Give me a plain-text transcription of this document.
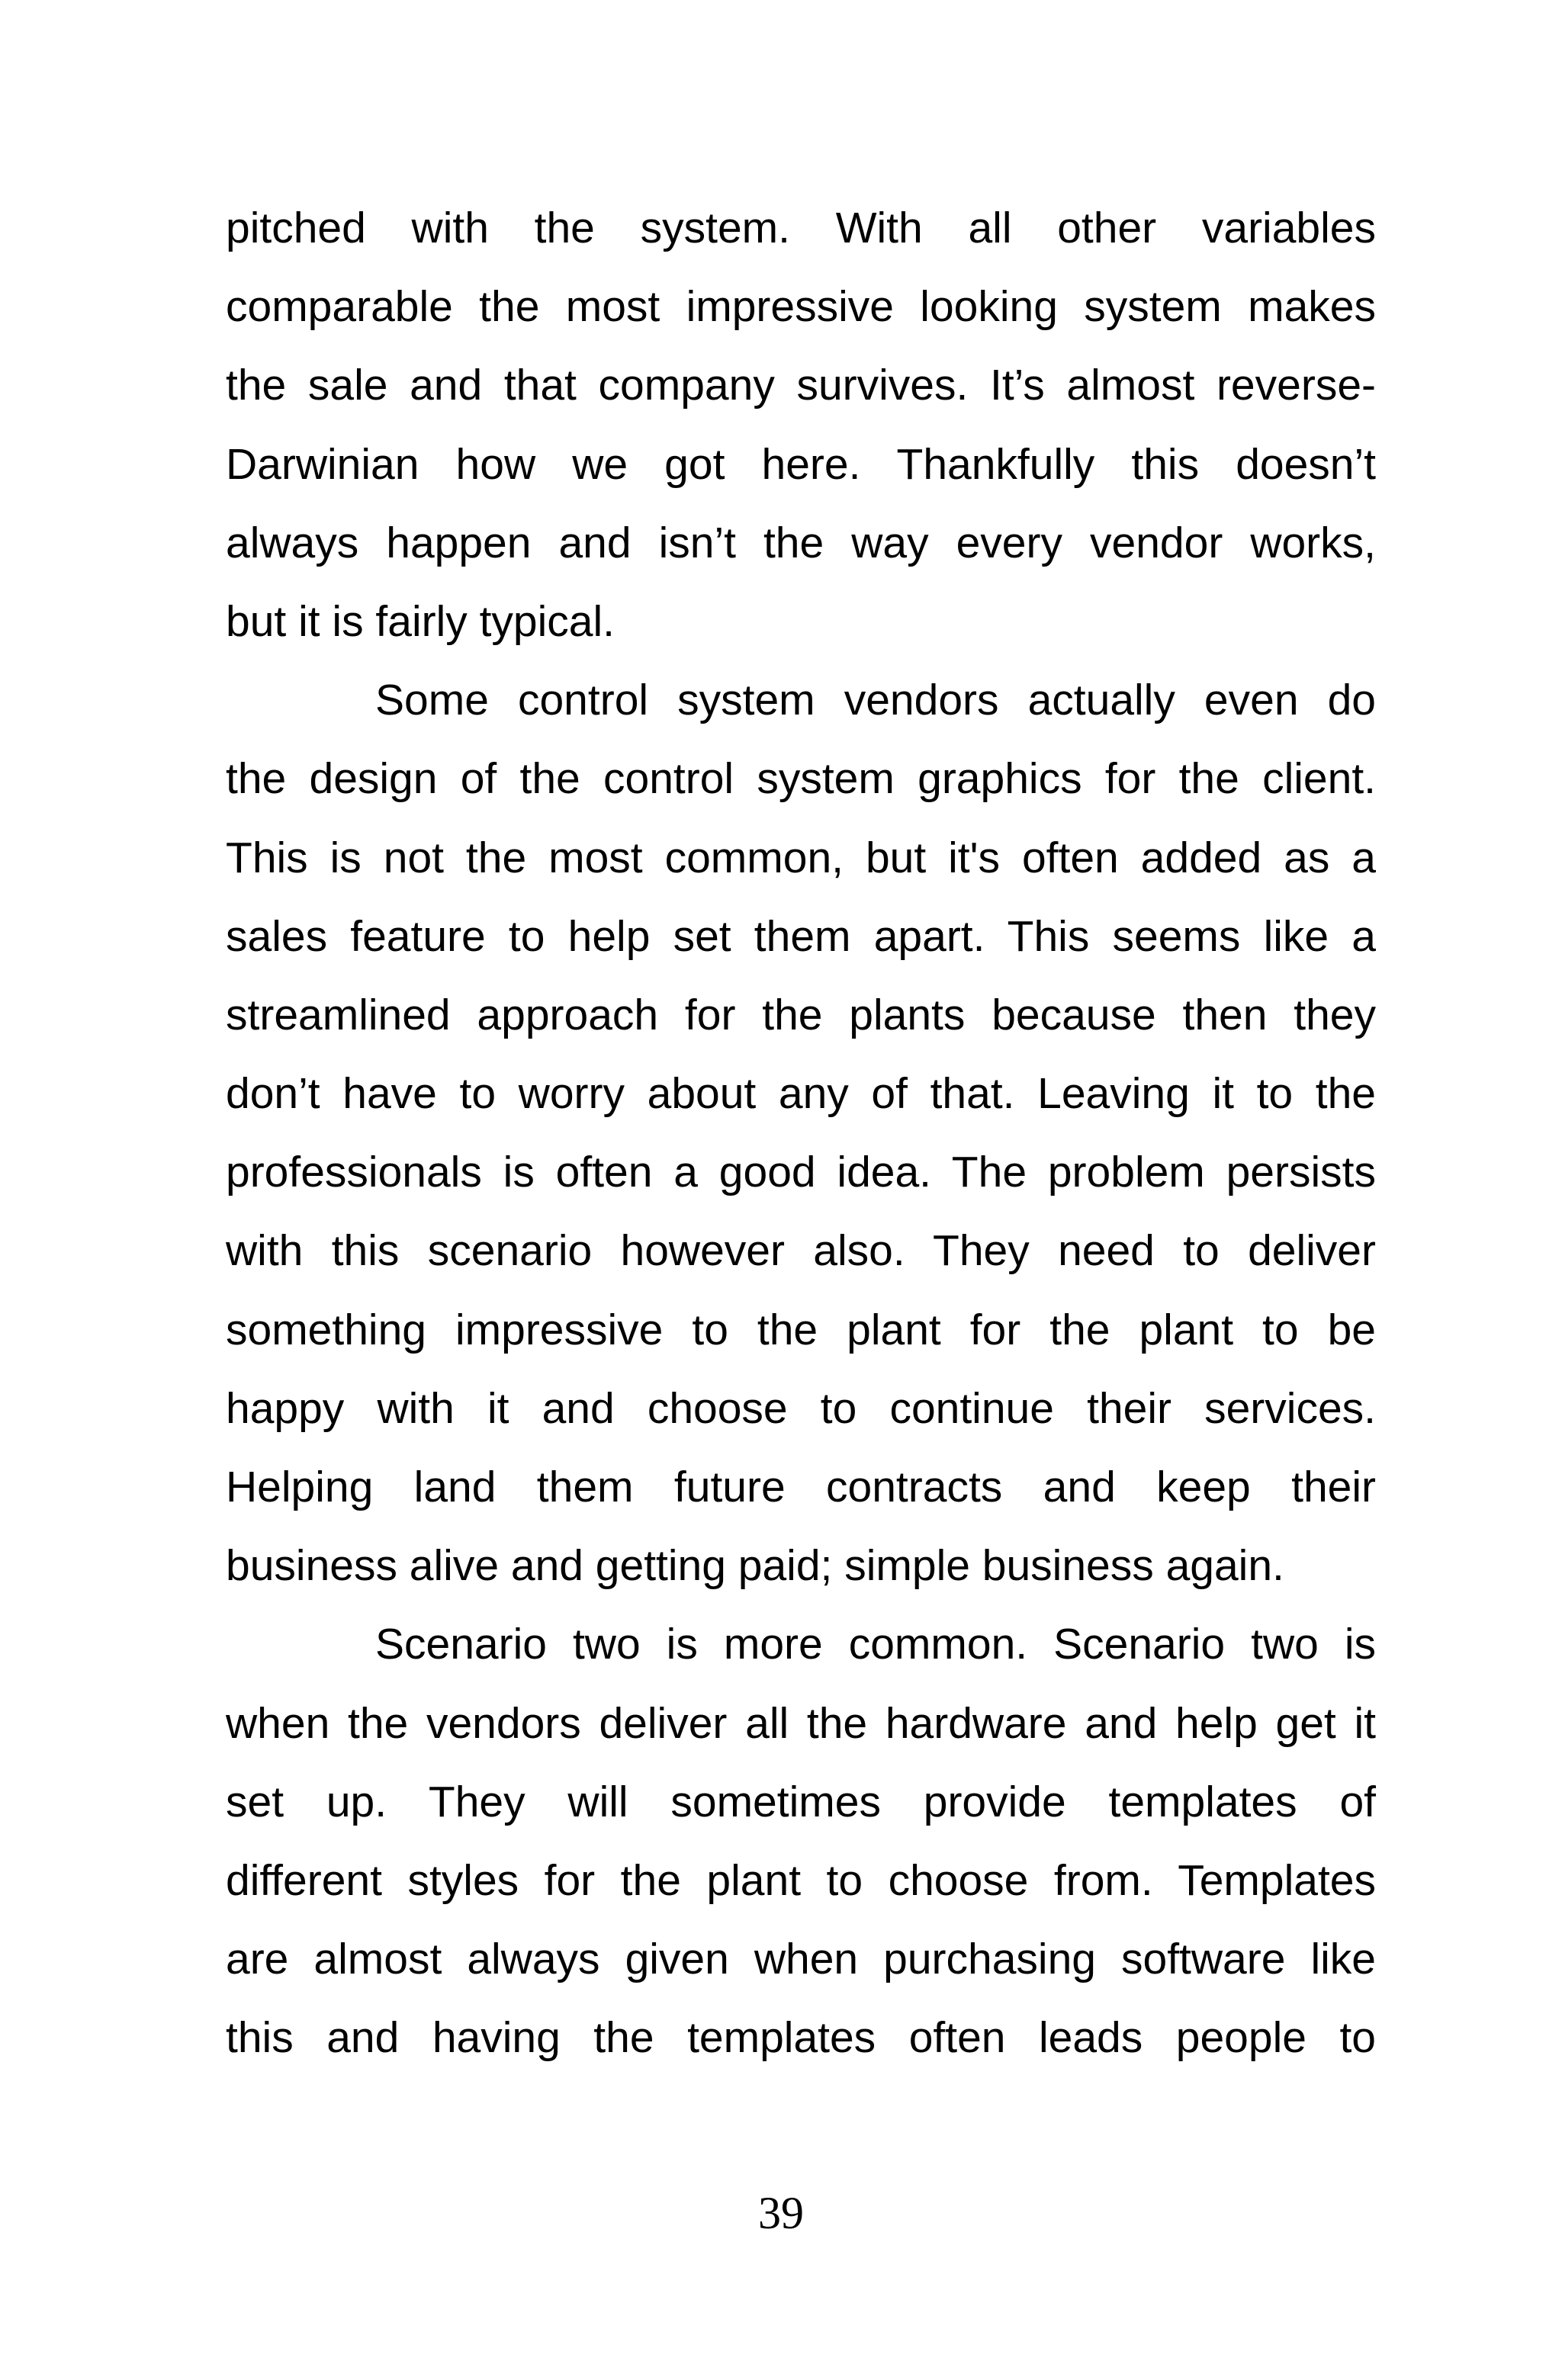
pitched with the system. With all other variables
comparable the most impressive looking system makes
the sale and that company survives. It’s almost reverse-
Darwinian how we got here. Thankfully this doesn’t
always happen and isn’t the way every vendor works,
but it is fairly typical.
Some control system vendors actually even do
the design of the control system graphics for the client.
This is not the most common, but it's often added as a
sales feature to help set them apart. This seems like a
streamlined approach for the plants because then they
don’t have to worry about any of that. Leaving it to the
professionals is often a good idea. The problem persists
with this scenario however also. They need to deliver
something impressive to the plant for the plant to be
happy with it and choose to continue their services.
Helping land them future contracts and keep their
business alive and getting paid; simple business again.
Scenario two is more common. Scenario two is
when the vendors deliver all the hardware and help get it
set up. They will sometimes provide templates of
different styles for the plant to choose from. Templates
are almost always given when purchasing software like
this and having the templates often leads people to
39
